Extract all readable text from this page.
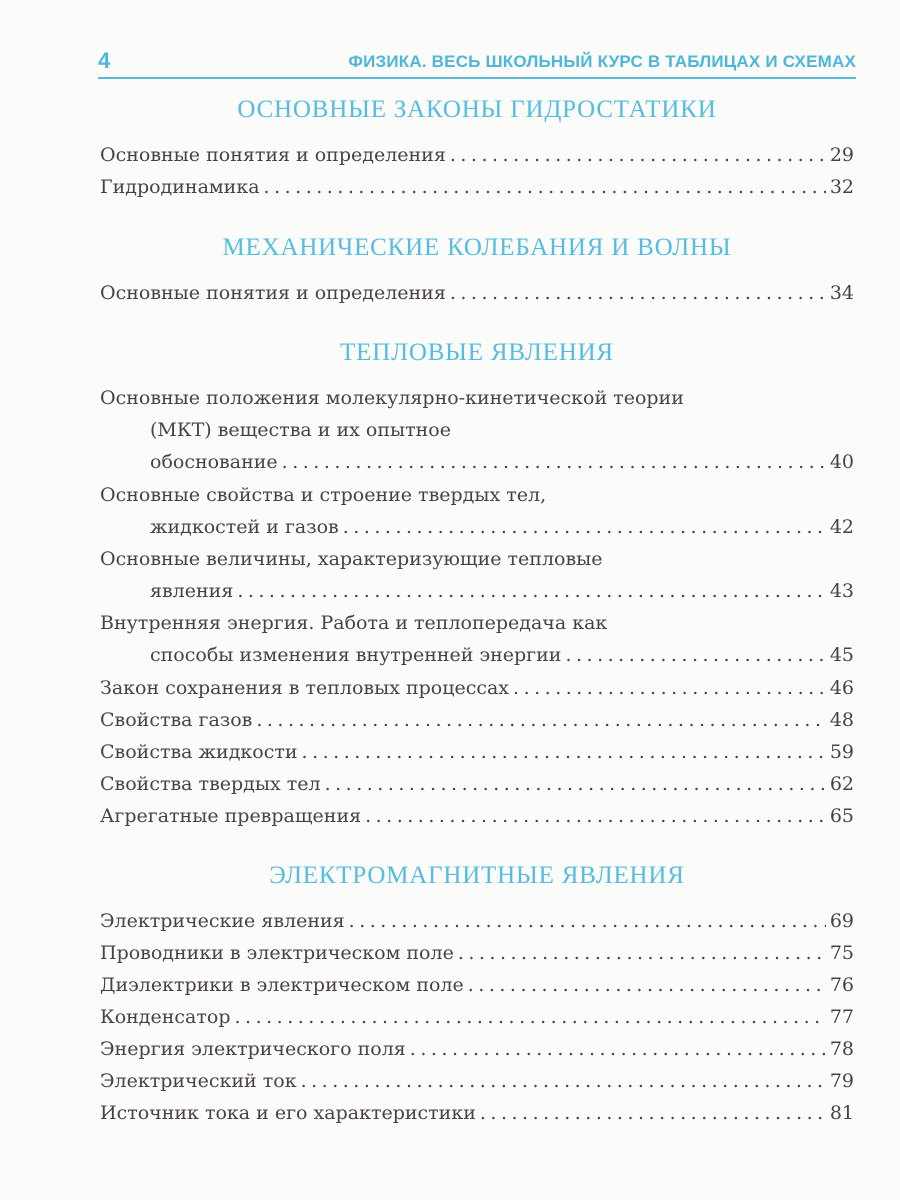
4	ФИЗИКА. ВЕСЬ ШКОЛЬНЫЙ КУРС В ТАБЛИЦАХ И СХЕМАХ
ОСНОВНЫЕ ЗАКОНЫ ГИДРОСТАТИКИ
Основные понятия и определения .....	29
Гидродинамика .....	32
МЕХАНИЧЕСКИЕ КОЛЕБАНИЯ И ВОЛНЫ
Основные понятия и определения .....	34
ТЕПЛОВЫЕ ЯВЛЕНИЯ
Основные положения молекулярно-кинетической теории
(МКТ) вещества и их опытное
обоснование .....	40
Основные свойства и строение твердых тел,
жидкостей и газов .....	42
Основные величины, характеризующие тепловые
явления .....	43
Внутренняя энергия. Работа и теплопередача как
способы изменения внутренней энергии .....	45
Закон сохранения в тепловых процессах .....	46
Свойства газов .....	48
Свойства жидкости .....	59
Свойства твердых тел .....	62
Агрегатные превращения .....	65
ЭЛЕКТРОМАГНИТНЫЕ ЯВЛЕНИЯ
Электрические явления .....	69
Проводники в электрическом поле .....	75
Диэлектрики в электрическом поле .....	76
Конденсатор .....	77
Энергия электрического поля .....	78
Электрический ток .....	79
Источник тока и его характеристики .....	81
